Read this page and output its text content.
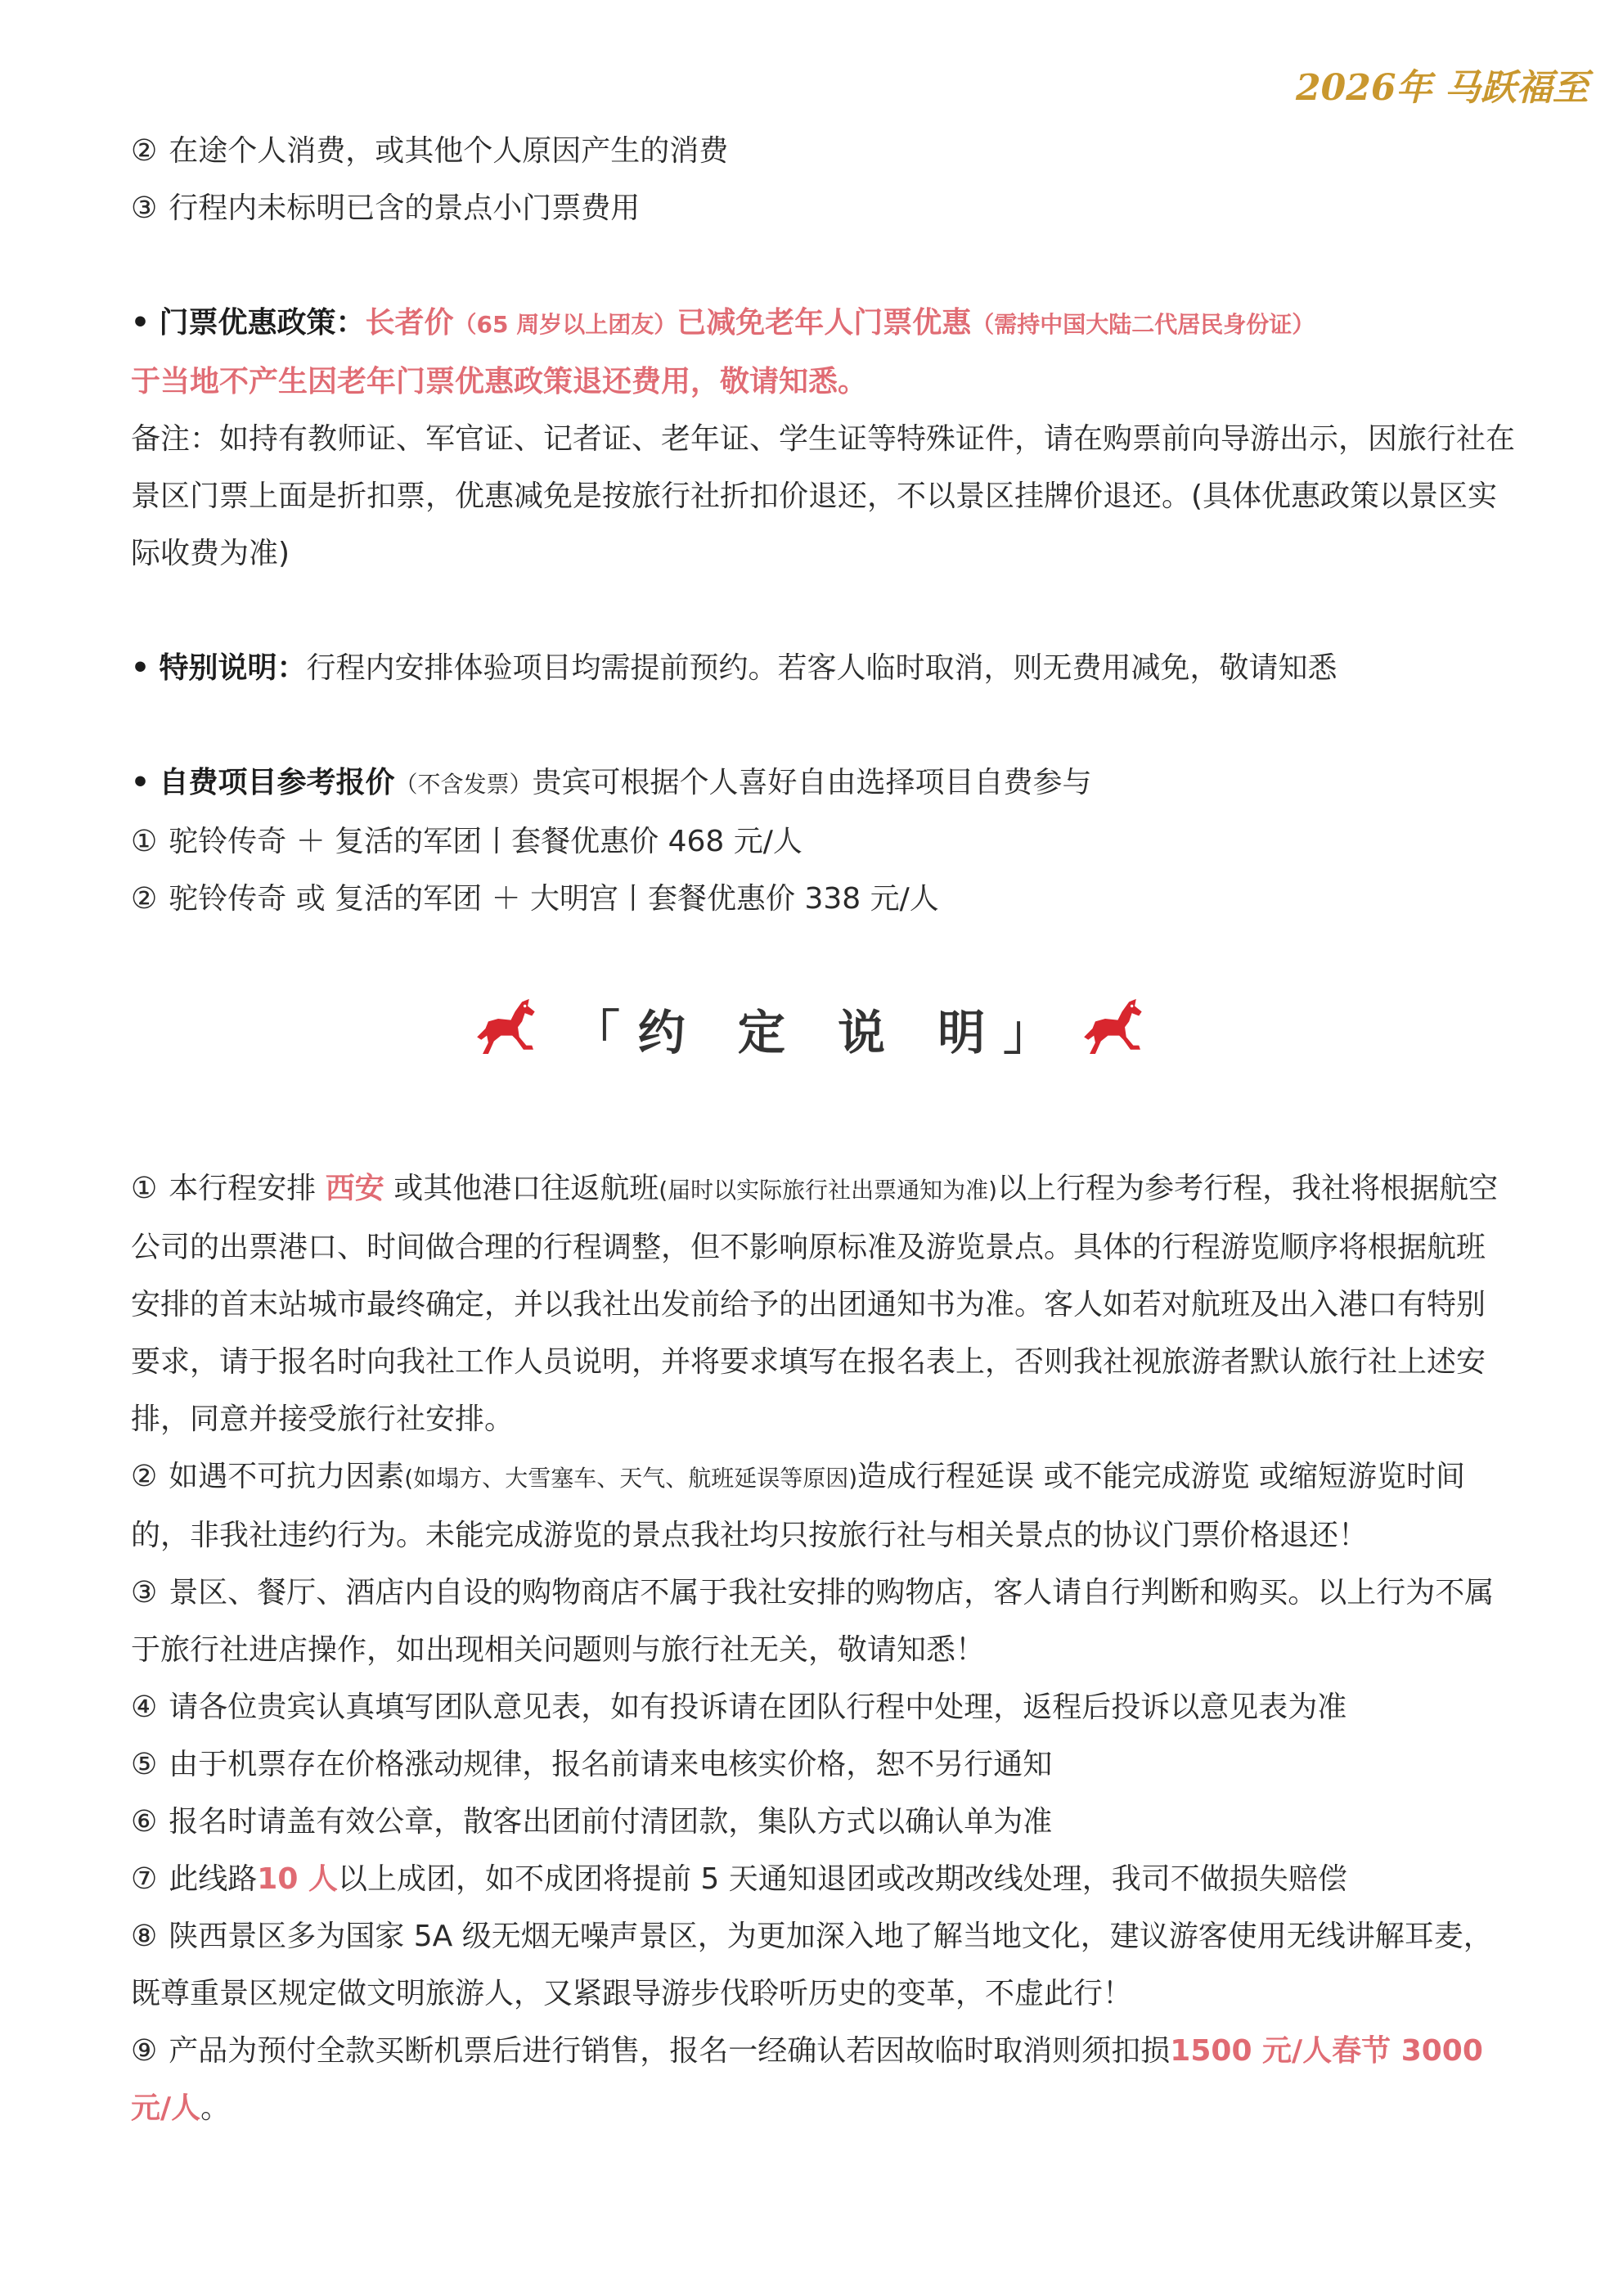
2026年 马跃福至
② 在途个人消费，或其他个人原因产生的消费
③ 行程内未标明已含的景点小门票费用
• 门票优惠政策：长者价（65 周岁以上团友）已减免老年人门票优惠（需持中国大陆二代居民身份证）
于当地不产生因老年门票优惠政策退还费用，敬请知悉。
备注：如持有教师证、军官证、记者证、老年证、学生证等特殊证件，请在购票前向导游出示，因旅行社在景区门票上面是折扣票，优惠减免是按旅行社折扣价退还，不以景区挂牌价退还。(具体优惠政策以景区实际收费为准)
• 特别说明：行程内安排体验项目均需提前预约。若客人临时取消，则无费用减免，敬请知悉
• 自费项目参考报价（不含发票）贵宾可根据个人喜好自由选择项目自费参与
① 驼铃传奇 ＋ 复活的军团丨套餐优惠价 468 元/人
② 驼铃传奇 或 复活的军团 ＋ 大明宫丨套餐优惠价 338 元/人
「约 定 说 明」

① 本行程安排 西安 或其他港口往返航班(届时以实际旅行社出票通知为准)以上行程为参考行程，我社将根据航空公司的出票港口、时间做合理的行程调整，但不影响原标准及游览景点。具体的行程游览顺序将根据航班安排的首末站城市最终确定，并以我社出发前给予的出团通知书为准。客人如若对航班及出入港口有特别要求，请于报名时向我社工作人员说明，并将要求填写在报名表上，否则我社视旅游者默认旅行社上述安排，同意并接受旅行社安排。

② 如遇不可抗力因素(如塌方、大雪塞车、天气、航班延误等原因)造成行程延误 或不能完成游览 或缩短游览时间的，非我社违约行为。未能完成游览的景点我社均只按旅行社与相关景点的协议门票价格退还！

③ 景区、餐厅、酒店内自设的购物商店不属于我社安排的购物店，客人请自行判断和购买。以上行为不属于旅行社进店操作，如出现相关问题则与旅行社无关，敬请知悉！

④ 请各位贵宾认真填写团队意见表，如有投诉请在团队行程中处理，返程后投诉以意见表为准

⑤ 由于机票存在价格涨动规律，报名前请来电核实价格，恕不另行通知

⑥ 报名时请盖有效公章，散客出团前付清团款，集队方式以确认单为准

⑦ 此线路10 人以上成团，如不成团将提前 5 天通知退团或改期改线处理，我司不做损失赔偿

⑧ 陕西景区多为国家 5A 级无烟无噪声景区，为更加深入地了解当地文化，建议游客使用无线讲解耳麦，既尊重景区规定做文明旅游人，又紧跟导游步伐聆听历史的变革，不虚此行！

⑨ 产品为预付全款买断机票后进行销售，报名一经确认若因故临时取消则须扣损1500 元/人春节 3000 元/人。
